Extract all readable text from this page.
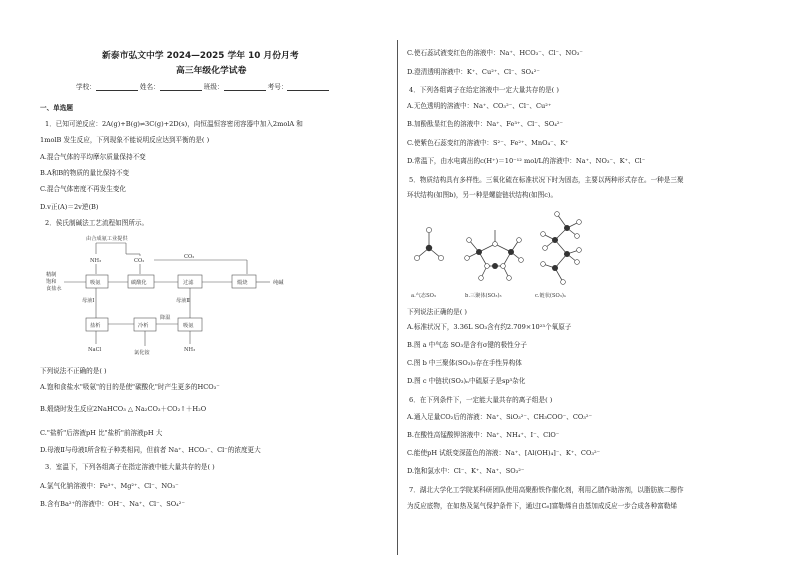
新泰市弘文中学 2024—2025 学年 10 月份月考
高三年级化学试卷
学校：	姓名：	班级：	考号：
一、单选题
1．已知可逆反应：2A(g)+B(g)⇌3C(g)+2D(s)，向恒温恒容密闭容器中加入2molA 和
1molB 发生反应，下列现象不能说明反应达到平衡的是( )
A.混合气体的平均摩尔质量保持不变
B.A和B的物质的量比保持不变
C.混合气体密度不再发生变化
D.v正(A)＝2v逆(B)
2．侯氏制碱法工艺流程如图所示。
由合成氨工业提供
NH₃	CO₂
CO₂
精制
饱和
食盐水
吸氨	碳酸化	过滤	煅烧	纯碱
母液Ⅰ	母液Ⅱ
盐析	冷析
降温
吸氨
NaCl	氯化铵	NH₃
下列说法不正确的是( )
A.饱和食盐水"吸氨"的目的是使"碳酸化"时产生更多的HCO₃⁻
B.煅烧时发生反应2NaHCO₃ △ Na₂CO₃＋CO₂↑＋H₂O
C."盐析"后溶液pH 比"盐析"前溶液pH 大
D.母液Ⅱ与母液Ⅰ所含粒子种类相同，但前者 Na⁺、HCO₃⁻、Cl⁻的浓度更大
3．室温下，下列各组离子在指定溶液中能大量共存的是( )
A.氯气化钠溶液中：Fe³⁺、Mg²⁺、Cl⁻、NO₃⁻
B.含有Ba²⁺的溶液中：OH⁻、Na⁺、Cl⁻、SO₄²⁻
C.使石蕊试液变红色的溶液中：Na⁺、HCO₃⁻、Cl⁻、NO₃⁻
D.澄清透明溶液中：K⁺、Cu²⁺、Cl⁻、SO₄²⁻
4．下列各组离子在给定溶液中一定大量共存的是( )
A.无色透明的溶液中：Na⁺、CO₃²⁻、Cl⁻、Cu²⁺
B.加酚酞显红色的溶液中：Na⁺、Fe³⁺、Cl⁻、SO₄²⁻
C.使紫色石蕊变红的溶液中：S²⁻、Fe²⁺、MnO₄⁻、K⁺
D.常温下，由水电离出的c(H⁺)＝10⁻¹² mol/L的溶液中：Na⁺、NO₃⁻、K⁺、Cl⁻
5．物质结构具有多样性。三氧化硫在标准状况下时为固态，主要以两种形式存在。一种是三聚
环状结构(如图b)，另一种是螺旋链状结构(如图c)。
a.气态SO₃	b.三聚体(SO₃)₃	c.链状(SO₃)ₙ
下列说法正确的是( )
A.标准状况下，3.36L SO₃含有约2.709×10²³个氧原子
B.图 a 中气态 SO₃是含有σ键的极性分子
C.图 b 中三聚体(SO₃)₃存在手性异构体
D.图 c 中链状(SO₃)ₙ中硫原子是sp³杂化
6．在下列条件下，一定能大量共存的离子组是( )
A.通入足量CO₂后的溶液：Na⁺、SiO₃²⁻、CH₃COO⁻、CO₃²⁻
B.在酸性高锰酸钾溶液中：Na⁺、NH₄⁺、I⁻、ClO⁻
C.能使pH 试纸变深蓝色的溶液：Na⁺、[Al(OH)₄]⁻、K⁺、CO₃²⁻
D.饱和氯水中：Cl⁻、K⁺、Na⁺、SO₃²⁻
7．湖北大学化工学院某科研团队使用高聚酚铁作催化剂，利用乙腈作助溶剂，以脂肪族二醇作
为反应底物，在如热及氮气保护条件下，通过[C₆]富勒烯自由基加成反应一步合成各种富勒烯
